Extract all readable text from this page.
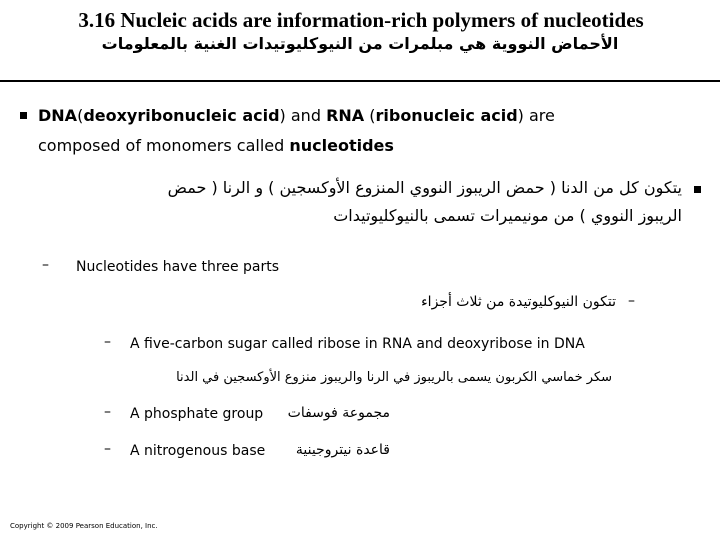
3.16 Nucleic acids are information-rich polymers of nucleotides
الأحماض النووية هي مبلمرات من النيوكليوتيدات الغنية بالمعلومات
DNA(deoxyribonucleic acid) and RNA (ribonucleic acid) are
composed of monomers called nucleotides
يتكون كل من الدنا ( حمض الريبوز النووي المنزوع الأوكسجين ) و الرنا ( حمض
الريبوز النووي ) من مونيميرات تسمى بالنيوكليوتيدات
– Nucleotides have three parts
–
تتكون النيوكليوتيدة من ثلاث أجزاء
– A five-carbon sugar called ribose in RNA and deoxyribose in DNA
سكر خماسي الكربون يسمى بالريبوز في الرنا والريبوز منزوع الأوكسجين في الدنا
– A phosphate group مجموعة فوسفات
– A nitrogenous base قاعدة نيتروجينية
Copyright © 2009 Pearson Education, Inc.
